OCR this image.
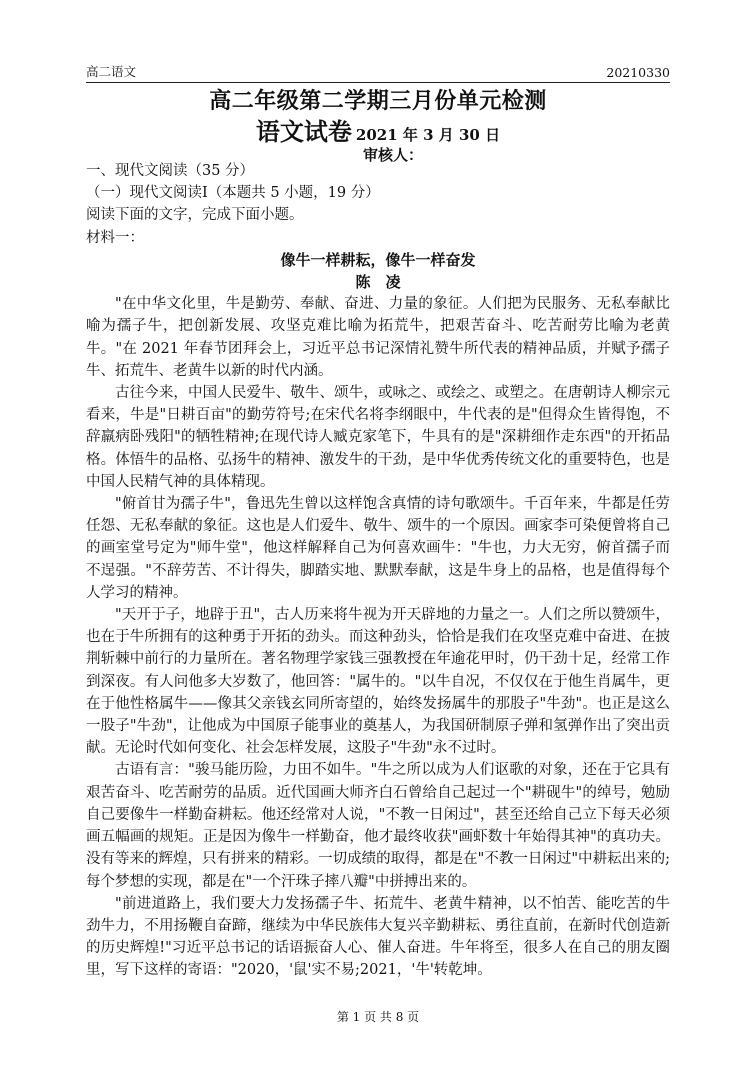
高二语文	20210330
高二年级第二学期三月份单元检测
语文试卷 2021 年 3 月 30 日
审核人：

一、现代文阅读（35 分）

（一）现代文阅读Ⅰ（本题共 5 小题，19 分）

阅读下面的文字，完成下面小题。

材料一：

像牛一样耕耘，像牛一样奋发

陈　凌

"在中华文化里，牛是勤劳、奉献、奋进、力量的象征。人们把为民服务、无私奉献比喻为孺子牛，把创新发展、攻坚克难比喻为拓荒牛，把艰苦奋斗、吃苦耐劳比喻为老黄牛。"在 2021 年春节团拜会上，习近平总书记深情礼赞牛所代表的精神品质，并赋予孺子牛、拓荒牛、老黄牛以新的时代内涵。

古往今来，中国人民爱牛、敬牛、颂牛，或咏之、或绘之、或塑之。在唐朝诗人柳宗元看来，牛是"日耕百亩"的勤劳符号;在宋代名将李纲眼中，牛代表的是"但得众生皆得饱，不辞羸病卧残阳"的牺牲精神;在现代诗人臧克家笔下，牛具有的是"深耕细作走东西"的开拓品格。体悟牛的品格、弘扬牛的精神、激发牛的干劲，是中华优秀传统文化的重要特色，也是中国人民精气神的具体精现。

"俯首甘为孺子牛"，鲁迅先生曾以这样饱含真情的诗句歌颂牛。千百年来，牛都是任劳任怨、无私奉献的象征。这也是人们爱牛、敬牛、颂牛的一个原因。画家李可染便曾将自己的画室堂号定为"师牛堂"，他这样解释自己为何喜欢画牛："牛也，力大无穷，俯首孺子而不逞强。"不辞劳苦、不计得失，脚踏实地、默默奉献，这是牛身上的品格，也是值得每个人学习的精神。

"天开于子，地辟于丑"，古人历来将牛视为开天辟地的力量之一。人们之所以赞颂牛，也在于牛所拥有的这种勇于开拓的劲头。而这种劲头，恰恰是我们在攻坚克难中奋进、在披荆斩棘中前行的力量所在。著名物理学家钱三强教授在年逾花甲时，仍干劲十足，经常工作到深夜。有人问他多大岁数了，他回答："属牛的。"以牛自况，不仅仅在于他生肖属牛，更在于他性格属牛——像其父亲钱玄同所寄望的，始终发扬属牛的那股子"牛劲"。也正是这么一股子"牛劲"，让他成为中国原子能事业的奠基人，为我国研制原子弹和氢弹作出了突出贡献。无论时代如何变化、社会怎样发展，这股子"牛劲"永不过时。

古语有言："骏马能历险，力田不如牛。"牛之所以成为人们讴歌的对象，还在于它具有艰苦奋斗、吃苦耐劳的品质。近代国画大师齐白石曾给自己起过一个"耕砚牛"的绰号，勉励自己要像牛一样勤奋耕耘。他还经常对人说，"不教一日闲过"，甚至还给自己立下每天必须画五幅画的规矩。正是因为像牛一样勤奋，他才最终收获"画虾数十年始得其神"的真功夫。没有等来的辉煌，只有拼来的精彩。一切成绩的取得，都是在"不教一日闲过"中耕耘出来的;每个梦想的实现，都是在"一个汗珠子摔八瓣"中拼搏出来的。

"前进道路上，我们要大力发扬孺子牛、拓荒牛、老黄牛精神，以不怕苦、能吃苦的牛劲牛力，不用扬鞭自奋蹄，继续为中华民族伟大复兴辛勤耕耘、勇往直前，在新时代创造新的历史辉煌!"习近平总书记的话语振奋人心、催人奋进。牛年将至，很多人在自己的朋友圈里，写下这样的寄语："2020，'鼠'实不易;2021，'牛'转乾坤。

第 1 页 共 8 页
